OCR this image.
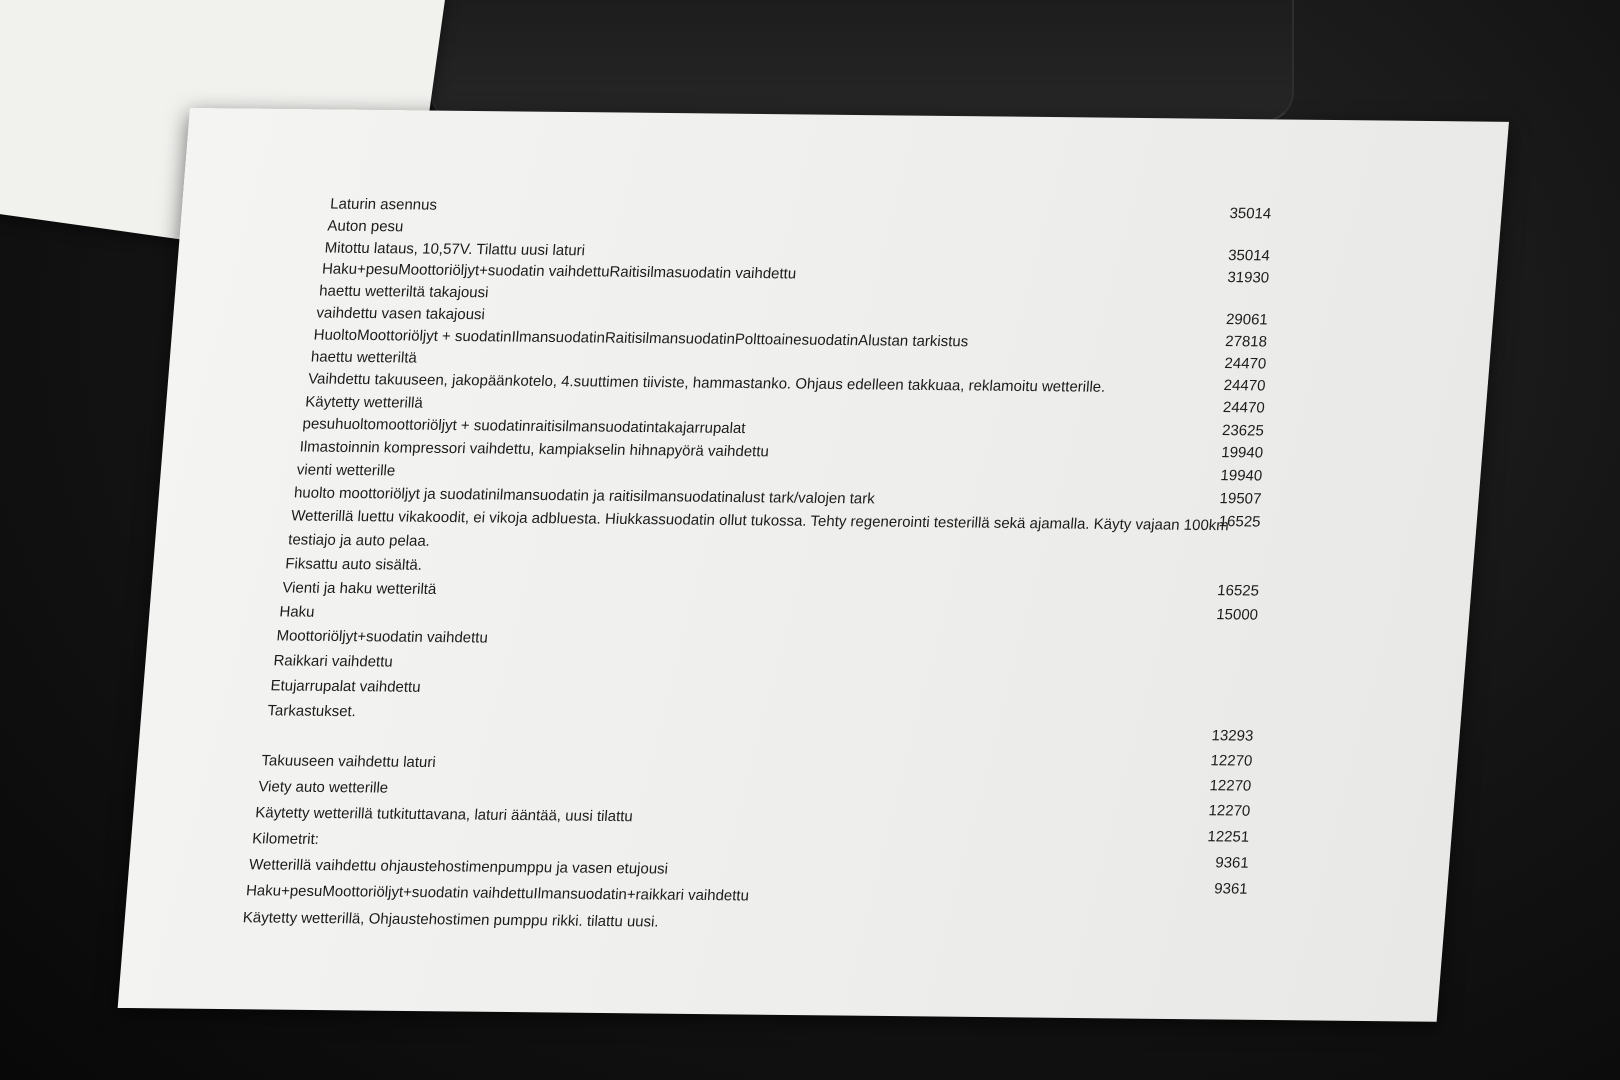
Laturin asennus
Auton pesu
Mitottu lataus, 10,57V. Tilattu uusi laturi
Haku+pesuMoottoriöljyt+suodatin vaihdettuRaitisilmasuodatin vaihdettu
haettu wetteriltä takajousi
vaihdettu vasen takajousi
HuoltoMoottoriöljyt + suodatinIlmansuodatinRaitisilmansuodatinPolttoainesuodatinAlustan tarkistus
haettu wetteriltä
Vaihdettu takuuseen, jakopäänkotelo, 4.suuttimen tiiviste, hammastanko. Ohjaus edelleen takkuaa, reklamoitu wetterille.
Käytetty wetterillä
pesuhuoltomoottoriöljyt + suodatinraitisilmansuodatintakajarrupalat
Ilmastoinnin kompressori vaihdettu, kampiakselin hihnapyörä vaihdettu
vienti wetterille
huolto moottoriöljyt ja suodatinilmansuodatin ja raitisilmansuodatinalust tark/valojen tark
Wetterillä luettu vikakoodit, ei vikoja adbluesta. Hiukkassuodatin ollut tukossa. Tehty regenerointi testerillä sekä ajamalla. Käyty vajaan 100km
testiajo ja auto pelaa.
Fiksattu auto sisältä.
Vienti ja haku wetteriltä
Haku
Moottoriöljyt+suodatin vaihdettu
Raikkari vaihdettu
Etujarrupalat vaihdettu
Tarkastukset.
Takuuseen vaihdettu laturi
Viety auto wetterille
Käytetty wetterillä tutkituttavana, laturi ääntää, uusi tilattu
Kilometrit:
Wetterillä vaihdettu ohjaustehostimenpumppu ja vasen etujousi
Haku+pesuMoottoriöljyt+suodatin vaihdettuIlmansuodatin+raikkari vaihdettu
Käytetty wetterillä, Ohjaustehostimen pumppu rikki. tilattu uusi.
35014
35014
31930
29061
27818
24470
24470
24470
23625
19940
19940
19507
16525
16525
15000
13293
12270
12270
12270
12251
9361
9361
